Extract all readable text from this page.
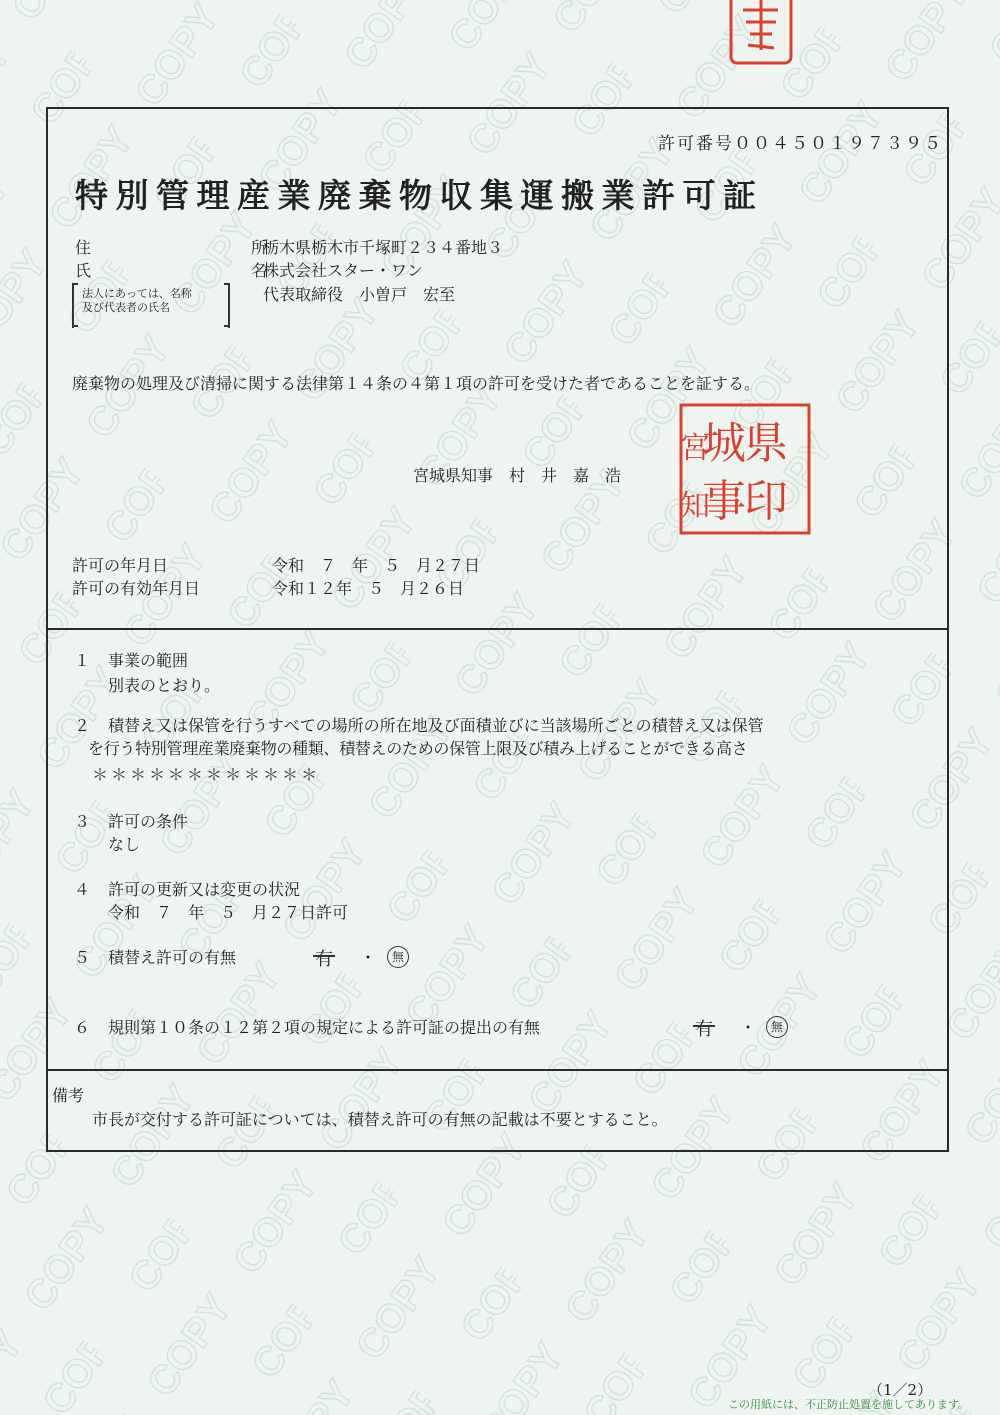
許可番号００４５０１９７３９５
特別管理産業廃棄物収集運搬業許可証
住　　　　　　　　　　所
栃木県栃木市千塚町２３４番地３
氏　　　　　　　　　　名
株式会社スター・ワン
法人にあっては、名称
及び代表者の氏名
代表取締役　小曽戸　宏至
廃棄物の処理及び清掃に関する法律第１４条の４第１項の許可を受けた者であることを証する。
宮城県知事　村　井　嘉　浩
県
印
城
事
宮
知
許可の年月日	令和　７　年　５　月２７日
許可の有効年月日	令和１２年　５　月２６日
１ 事業の範囲
別表のとおり。
２ 積替え又は保管を行うすべての場所の所在地及び面積並びに当該場所ごとの積替え又は保管
を行う特別管理産業廃棄物の種類、積替えのための保管上限及び積み上げることができる高さ
＊＊＊＊＊＊＊＊＊＊＊＊
３ 許可の条件
なし
４ 許可の更新又は変更の状況
令和　７　年　５　月２７日許可
５ 積替え許可の有無	有 ・	無
６ 規則第１０条の１２第２項の規定による許可証の提出の有無	有 ・	無
備考
市長が交付する許可証については、積替え許可の有無の記載は不要とすること。
（1／2）
この用紙には、不正防止処置を施してあります。
